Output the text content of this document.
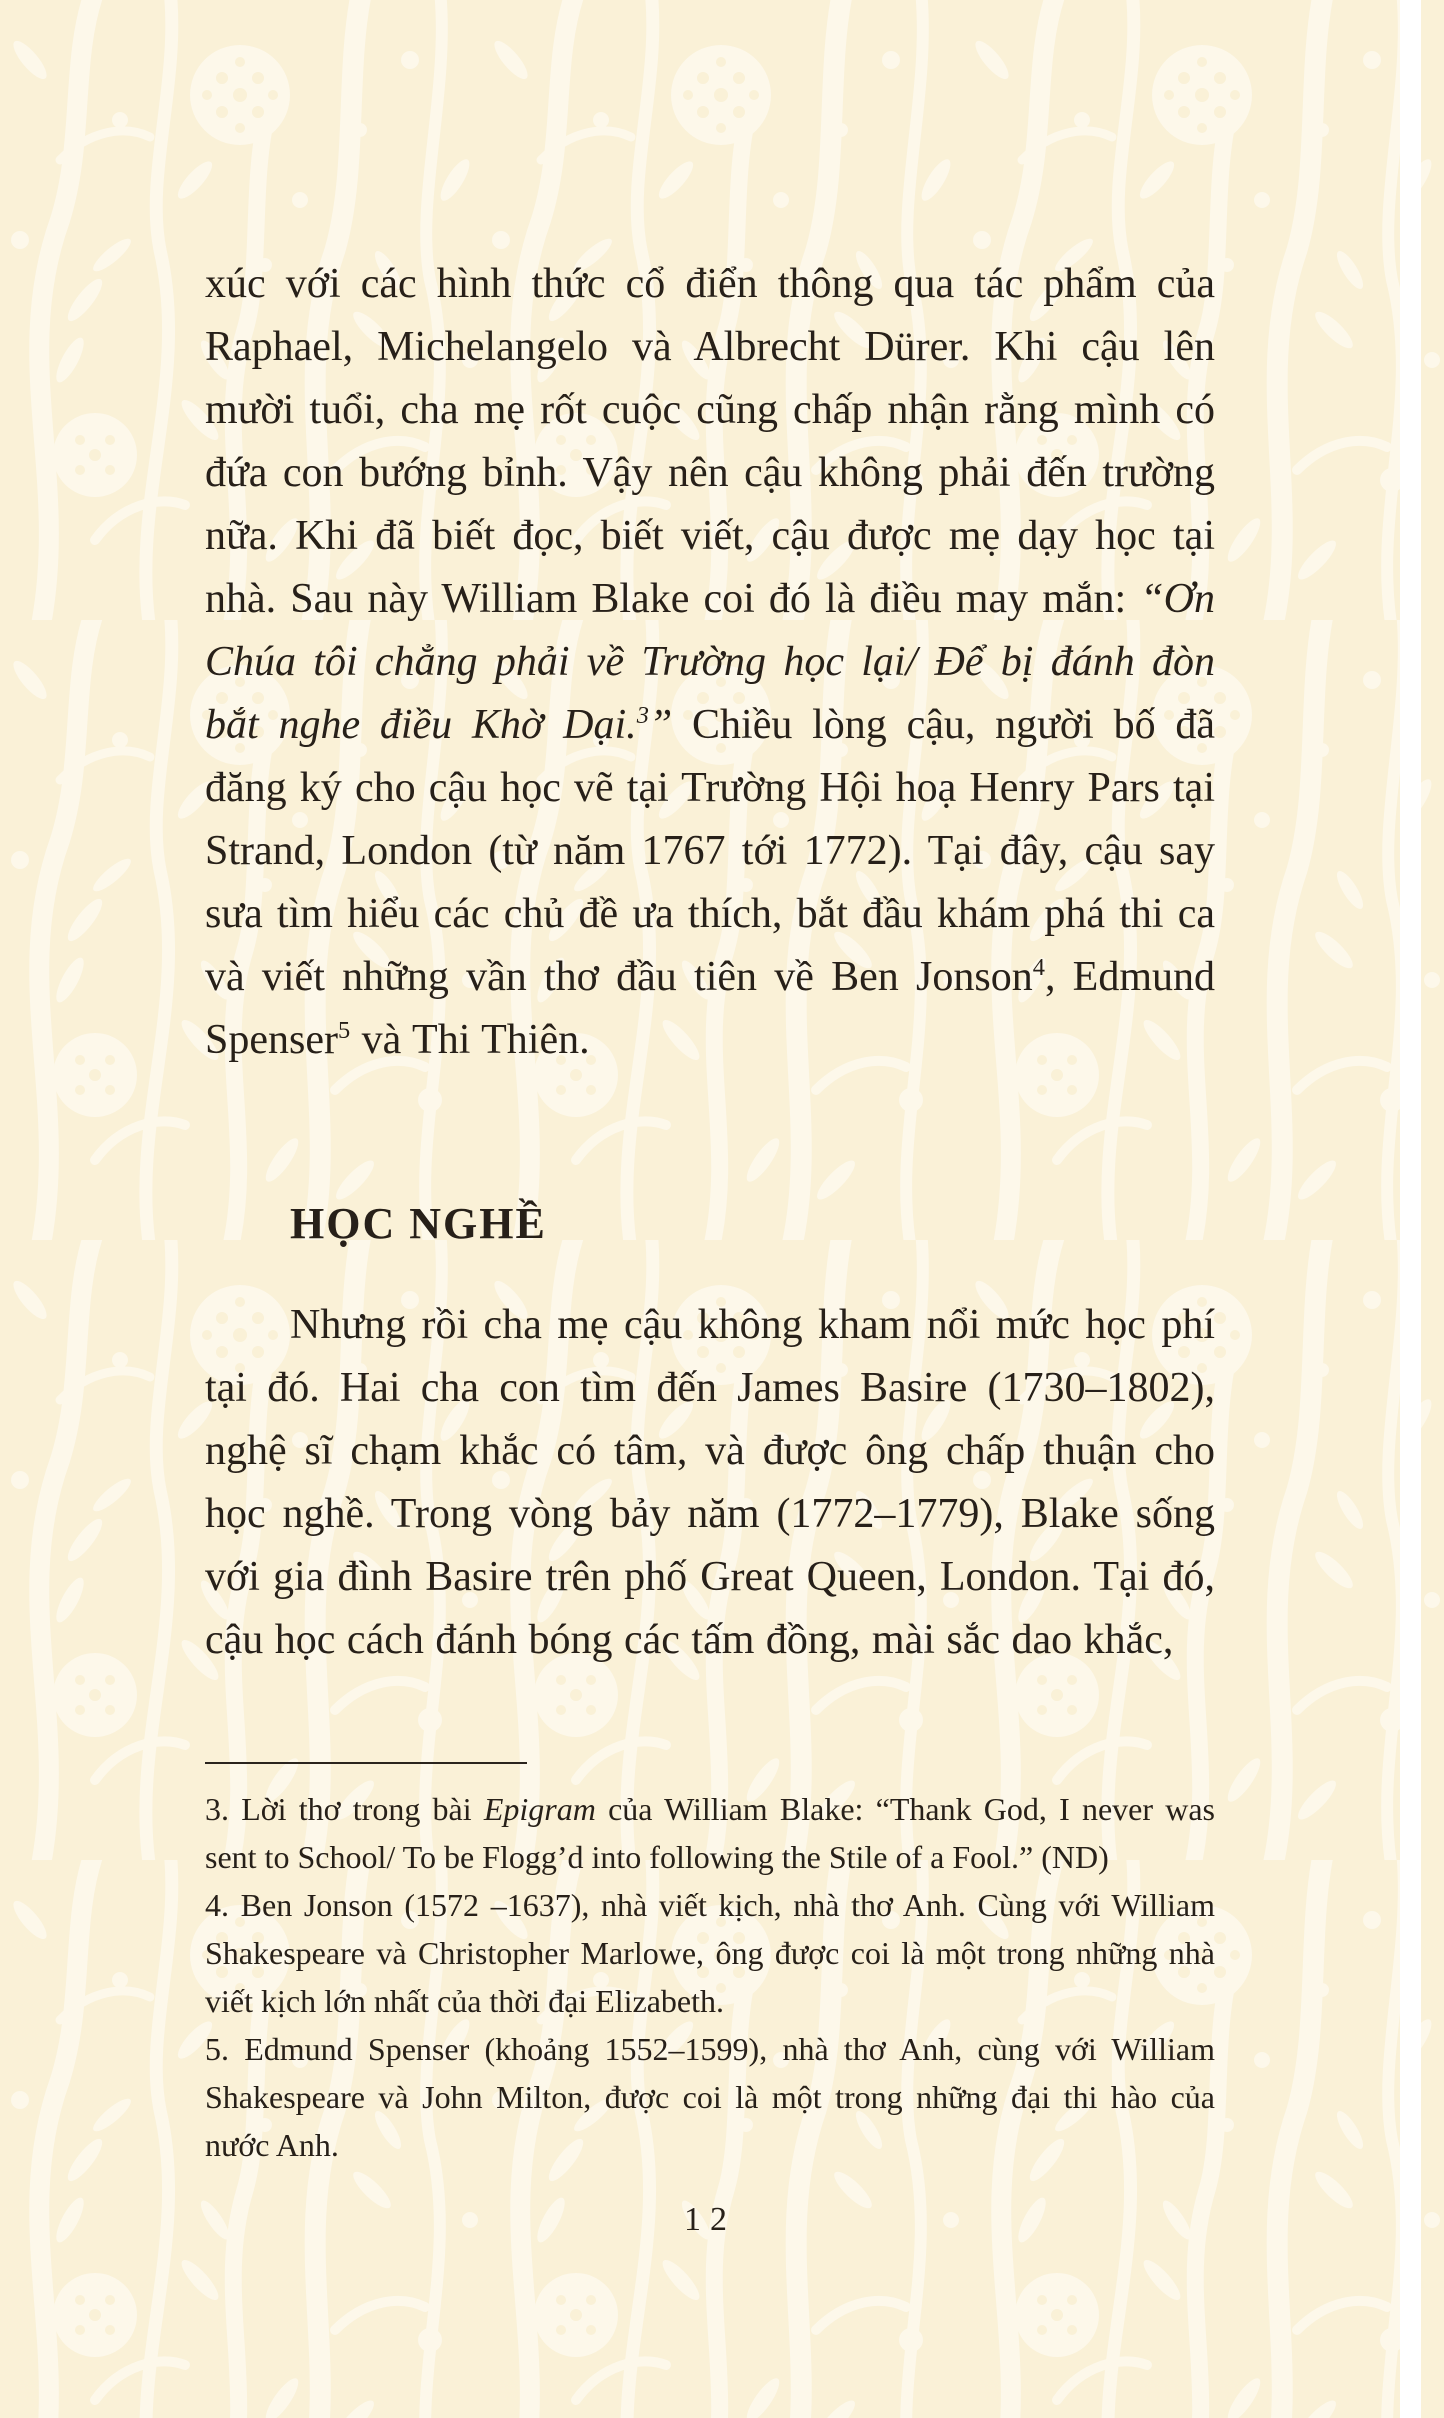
xúc với các hình thức cổ điển thông qua tác phẩm của Raphael, Michelangelo và Albrecht Dürer. Khi cậu lên mười tuổi, cha mẹ rốt cuộc cũng chấp nhận rằng mình có đứa con bướng bỉnh. Vậy nên cậu không phải đến trường nữa. Khi đã biết đọc, biết viết, cậu được mẹ dạy học tại nhà. Sau này William Blake coi đó là điều may mắn: “Ơn Chúa tôi chẳng phải về Trường học lại/ Để bị đánh đòn bắt nghe điều Khờ Dại.$^3$” Chiều lòng cậu, người bố đã đăng ký cho cậu học vẽ tại Trường Hội hoạ Henry Pars tại Strand, London (từ năm 1767 tới 1772). Tại đây, cậu say sưa tìm hiểu các chủ đề ưa thích, bắt đầu khám phá thi ca và viết những vần thơ đầu tiên về Ben Jonson$^4$, Edmund Spenser$^5$ và Thi Thiên.

HỌC NGHỀ

Nhưng rồi cha mẹ cậu không kham nổi mức học phí tại đó. Hai cha con tìm đến James Basire (1730–1802), nghệ sĩ chạm khắc có tâm, và được ông chấp thuận cho học nghề. Trong vòng bảy năm (1772–1779), Blake sống với gia đình Basire trên phố Great Queen, London. Tại đó, cậu học cách đánh bóng các tấm đồng, mài sắc dao khắc,

3. Lời thơ trong bài Epigram của William Blake: “Thank God, I never was sent to School/ To be Flogg’d into following the Stile of a Fool.” (ND)

4. Ben Jonson (1572 –1637), nhà viết kịch, nhà thơ Anh. Cùng với William Shakespeare và Christopher Marlowe, ông được coi là một trong những nhà viết kịch lớn nhất của thời đại Elizabeth.

5. Edmund Spenser (khoảng 1552–1599), nhà thơ Anh, cùng với William Shakespeare và John Milton, được coi là một trong những đại thi hào của nước Anh.

12
